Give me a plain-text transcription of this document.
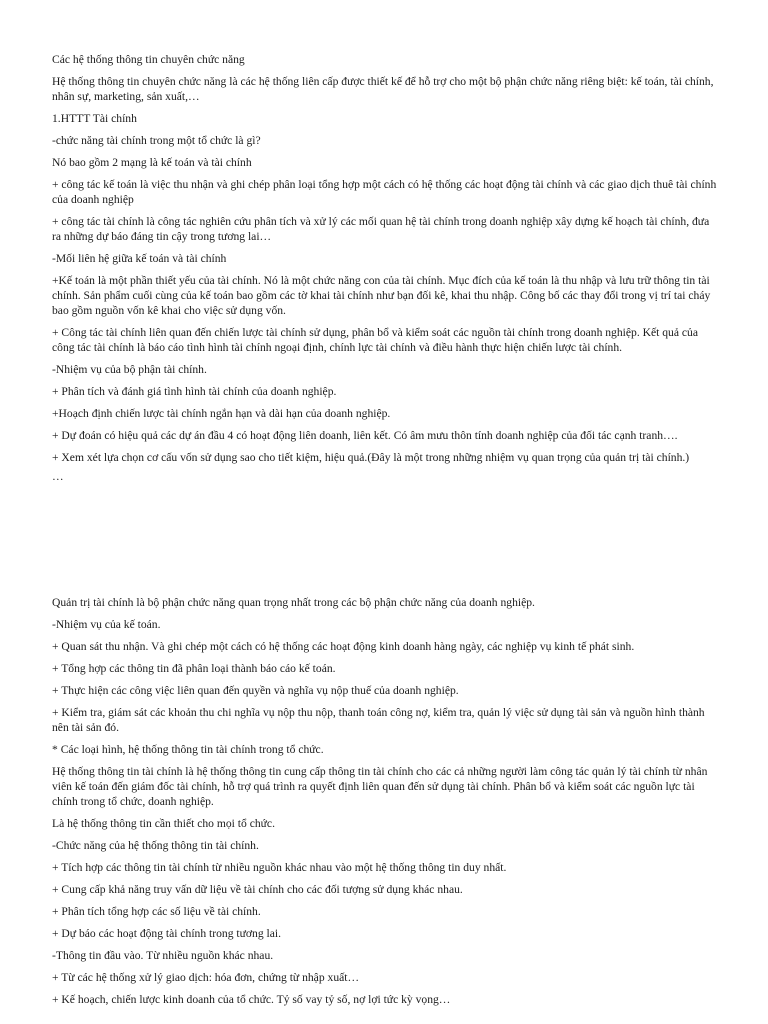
Các hệ thống thông tin chuyên chức năng

Hệ thống thông tin chuyên chức năng là các hệ thống liên cấp được thiết kế để hỗ trợ cho một bộ phận chức năng riêng biệt: kế toán, tài chính, nhân sự, marketing, sản xuất,…

1.HTTT Tài chính

-chức năng tài chính trong một tổ chức là gì?

Nó bao gồm 2 mạng là kế toán và tài chính

+ công tác kế toán là việc thu nhận và ghi chép phân loại tổng hợp một cách có hệ thống các hoạt động tài chính và các giao dịch thuê tài chính của doanh nghiệp

+ công tác tài chính là công tác nghiên cứu phân tích và xử lý các mối quan hệ tài chính trong doanh nghiệp xây dựng kế hoạch tài chính, đưa ra những dự báo đáng tin cậy trong tương lai…

-Mối liên hệ giữa kế toán và tài chính

+Kế toán là một phần thiết yếu của tài chính. Nó là một chức năng con của tài chính. Mục đích của kế toán là thu nhập và lưu trữ thông tin tài chính. Sản phẩm cuối cùng của kế toán bao gồm các tờ khai tài chính như bạn đối kê, khai thu nhập. Công bố các thay đổi trong vị trí tai cháy bao gồm nguồn vốn kê khai cho việc sử dụng vốn.

+ Công tác tài chính liên quan đến chiến lược tài chính sử dụng, phân bổ và kiểm soát các nguồn tài chính trong doanh nghiệp. Kết quả của công tác tài chính là báo cáo tình hình tài chính ngoại định, chính lực tài chính và điều hành thực hiện chiến lược tài chính.

-Nhiệm vụ của bộ phận tài chính.

+ Phân tích và đánh giá tình hình tài chính của doanh nghiệp.

+Hoạch định chiến lược tài chính ngắn hạn và dài hạn của doanh nghiệp.

+ Dự đoán có hiệu quả các dự án đầu 4 có hoạt động liên doanh, liên kết. Có âm mưu thôn tính doanh nghiệp của đối tác cạnh tranh….

+ Xem xét lựa chọn cơ cấu vốn sử dụng sao cho tiết kiệm, hiệu quả.(Đây là một trong những nhiệm vụ quan trọng của quản trị tài chính.)

…

Quản trị tài chính là bộ phận chức năng quan trọng nhất trong các bộ phận chức năng của doanh nghiệp.

-Nhiệm vụ của kế toán.

+ Quan sát thu nhận. Và ghi chép một cách có hệ thống các hoạt động kinh doanh hàng ngày, các nghiệp vụ kinh tế phát sinh.

+ Tổng hợp các thông tin đã phân loại thành báo cáo kế toán.

+ Thực hiện các công việc liên quan đến quyền và nghĩa vụ nộp thuế của doanh nghiệp.

+ Kiểm tra, giám sát các khoản thu chi nghĩa vụ nộp thu nộp, thanh toán công nợ, kiểm tra, quản lý việc sử dụng tài sản và nguồn hình thành nên tài sản đó.

* Các loại hình, hệ thống thông tin tài chính trong tổ chức.

Hệ thống thông tin tài chính là hệ thống thông tin cung cấp thông tin tài chính cho các cả những người làm công tác quản lý tài chính từ nhân viên kế toán đến giám đốc tài chính, hỗ trợ quá trình ra quyết định liên quan đến sử dụng tài chính. Phân bổ và kiểm soát các nguồn lực tài chính trong tổ chức, doanh nghiệp.

Là hệ thống thông tin cần thiết cho mọi tổ chức.

-Chức năng của hệ thống thông tin tài chính.

+ Tích hợp các thông tin tài chính từ nhiều nguồn khác nhau vào một hệ thống thông tin duy nhất.

+ Cung cấp khả năng truy vấn dữ liệu về tài chính cho các đối tượng sử dụng khác nhau.

+ Phân tích tổng hợp các số liệu về tài chính.

+ Dự báo các hoạt động tài chính trong tương lai.

-Thông tin đầu vào. Từ nhiều nguồn khác nhau.

+ Từ các hệ thống xử lý giao dịch: hóa đơn, chứng từ nhập xuất…

+ Kế hoạch, chiến lược kinh doanh của tổ chức. Tỷ số vay tỷ số, nợ lợi tức kỳ vọng…
